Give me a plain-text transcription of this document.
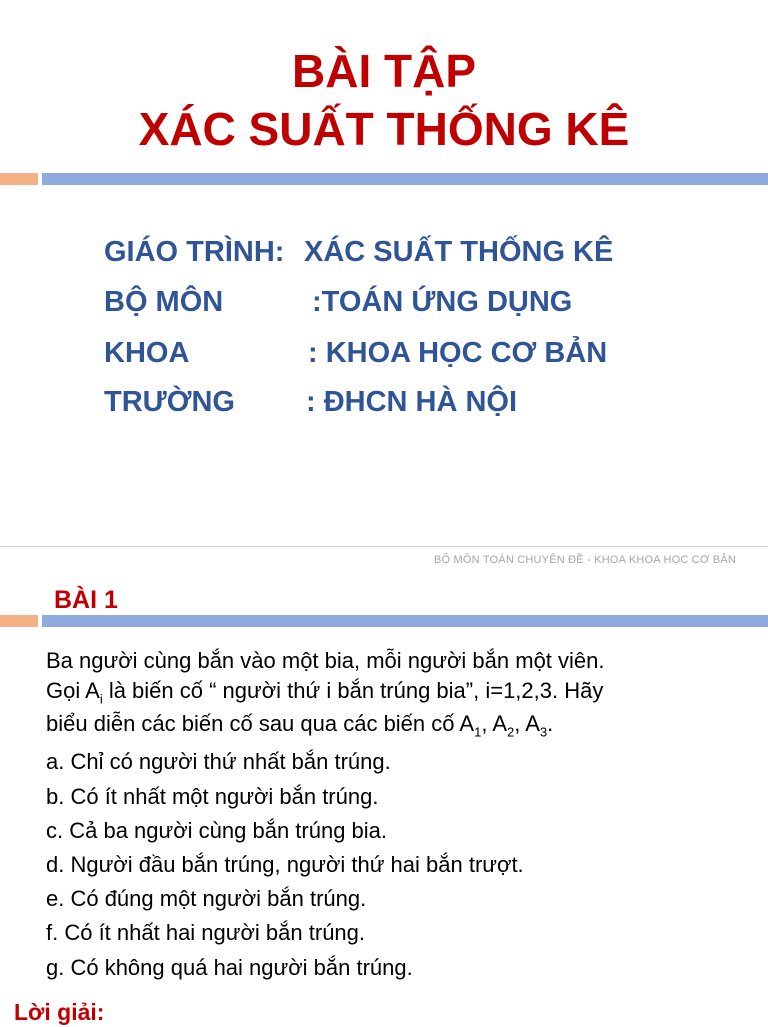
BÀI TẬP
XÁC SUẤT THỐNG KÊ
GIÁO TRÌNH: XÁC SUẤT THỐNG KÊ
BỘ MÔN	:TOÁN ỨNG DỤNG
KHOA	: KHOA HỌC CƠ BẢN
TRƯỜNG : ĐHCN HÀ NỘI
BỘ MÔN TOÁN CHUYÊN ĐỀ - KHOA KHOA HỌC CƠ BẢN
BÀI 1
Ba người cùng bắn vào một bia, mỗi người bắn một viên.
Gọi $A_i$ là biến cố “ người thứ i bắn trúng bia”, i=1,2,3. Hãy
biểu diễn các biến cố sau qua các biến cố $A_1$, $A_2$, $A_3$.
a. Chỉ có người thứ nhất bắn trúng.
b. Có ít nhất một người bắn trúng.
c. Cả ba người cùng bắn trúng bia.
d. Người đầu bắn trúng, người thứ hai bắn trượt.
e. Có đúng một người bắn trúng.
f. Có ít nhất hai người bắn trúng.
g. Có không quá hai người bắn trúng.
Lời giải:
